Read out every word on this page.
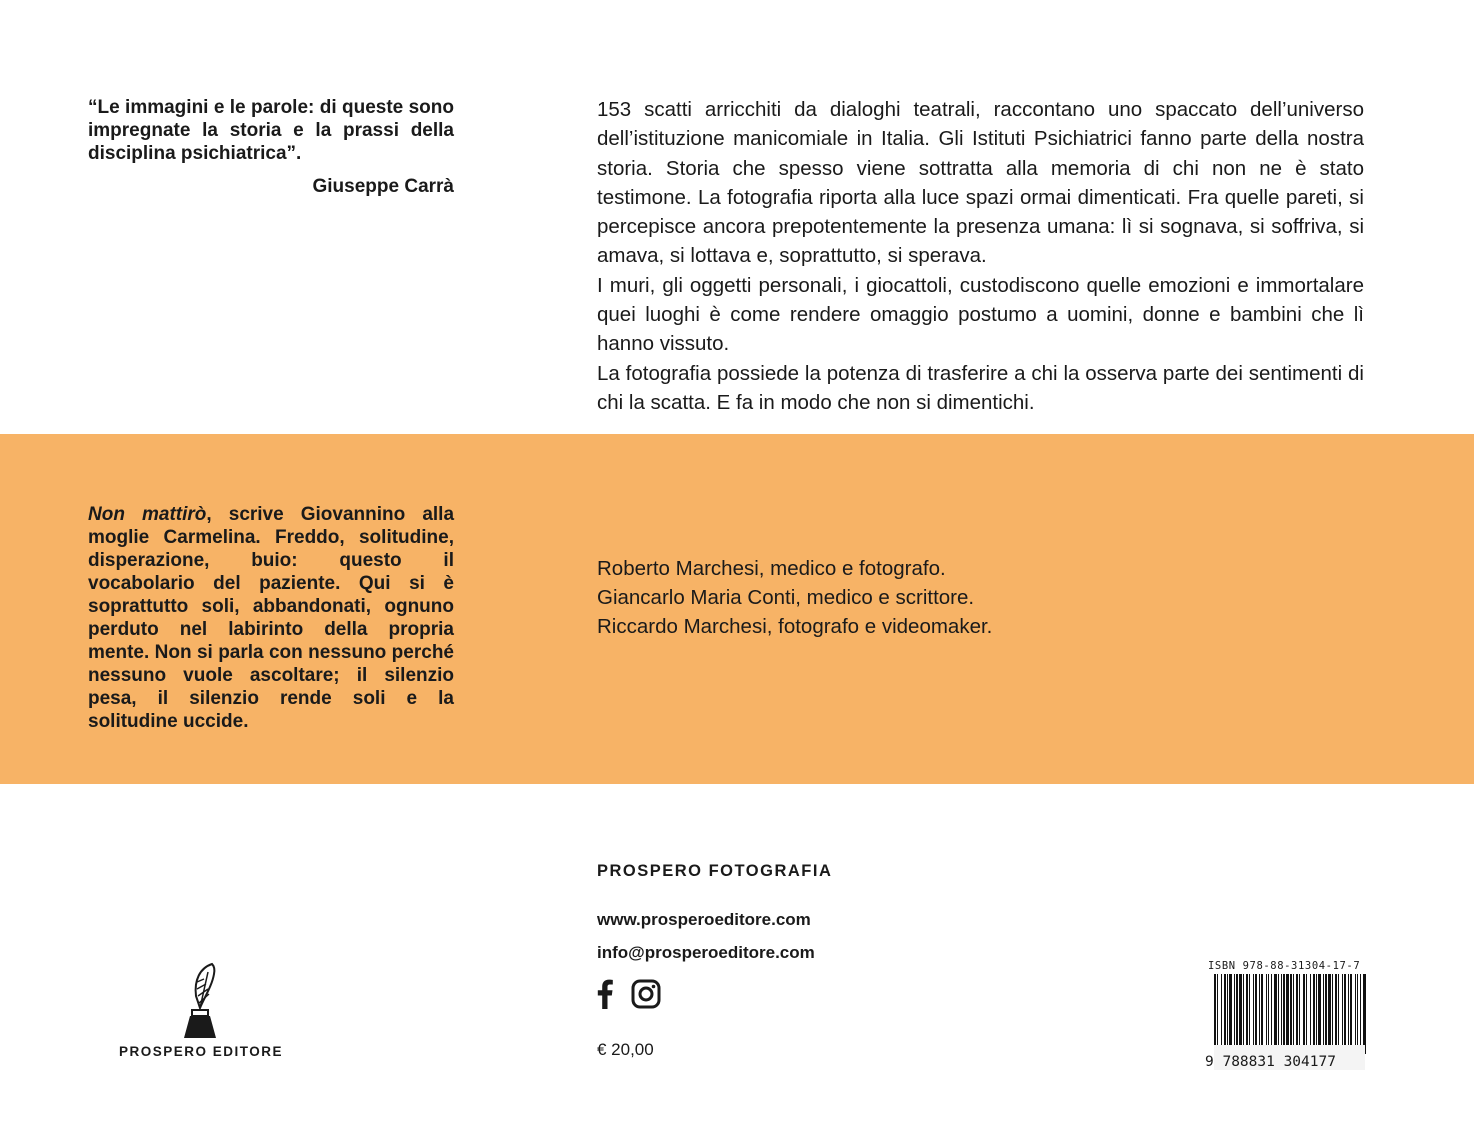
“Le immagini e le parole: di queste sono impregnate la storia e la prassi della disciplina psichiatrica”.
Giuseppe Carrà

153 scatti arricchiti da dialoghi teatrali, raccontano uno spaccato dell’universo dell’istituzione manicomiale in Italia. Gli Istituti Psichiatrici fanno parte della nostra storia. Storia che spesso viene sottratta alla memoria di chi non ne è stato testimone. La fotografia riporta alla luce spazi ormai dimenticati. Fra quelle pareti, si percepisce ancora prepotentemente la presenza umana: lì si sognava, si soffriva, si amava, si lottava e, soprattutto, si sperava.

I muri, gli oggetti personali, i giocattoli, custodiscono quelle emozioni e immortalare quei luoghi è come rendere omaggio postumo a uomini, donne e bambini che lì hanno vissuto.

La fotografia possiede la potenza di trasferire a chi la osserva parte dei sentimenti di chi la scatta. E fa in modo che non si dimentichi.

Non mattirò, scrive Giovannino alla moglie Carmelina. Freddo, solitudine, disperazione, buio: questo il vocabolario del paziente. Qui si è soprattutto soli, abbandonati, ognuno perduto nel labirinto della propria mente. Non si parla con nessuno perché nessuno vuole ascoltare; il silenzio pesa, il silenzio rende soli e la solitudine uccide.
Roberto Marchesi, medico e fotografo.
Giancarlo Maria Conti, medico e scrittore.
Riccardo Marchesi, fotografo e videomaker.
PROSPERO FOTOGRAFIA
www.prosperoeditore.com
info@prosperoeditore.com
€ 20,00
PROSPERO EDITORE
ISBN 978-88-31304-17-7
9 788831 304177
